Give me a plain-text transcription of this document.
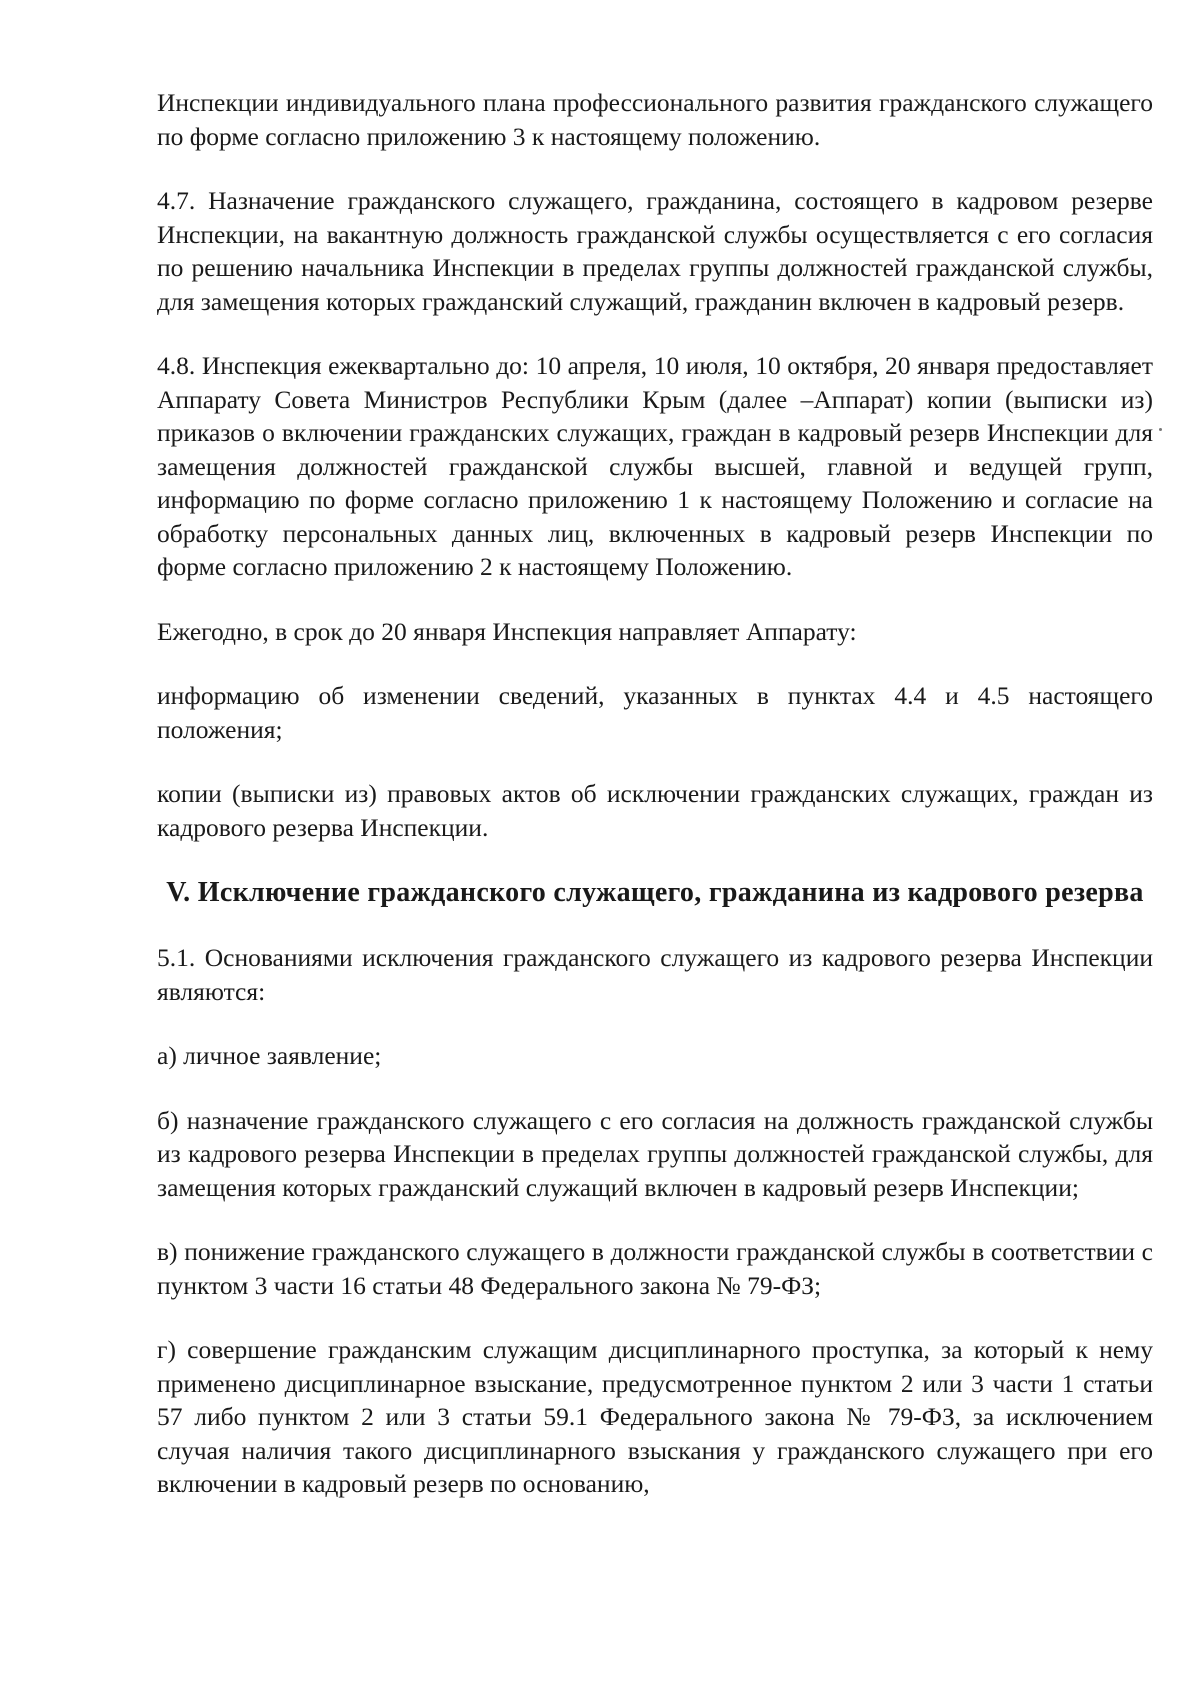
Инспекции индивидуального плана профессионального развития гражданского служащего по форме согласно приложению 3 к настоящему положению.

4.7. Назначение гражданского служащего, гражданина, состоящего в кадровом резерве Инспекции, на вакантную должность гражданской службы осуществляется с его согласия по решению начальника Инспекции в пределах группы должностей гражданской службы, для замещения которых гражданский служащий, гражданин включен в кадровый резерв.

4.8. Инспекция ежеквартально до: 10 апреля, 10 июля, 10 октября, 20 января предоставляет Аппарату Совета Министров Республики Крым (далее –Аппарат) копии (выписки из) приказов о включении гражданских служащих, граждан в кадровый резерв Инспекции для замещения должностей гражданской службы высшей, главной и ведущей групп, информацию по форме согласно приложению 1 к настоящему Положению и согласие на обработку персональных данных лиц, включенных в кадровый резерв Инспекции по форме согласно приложению 2 к настоящему Положению.

Ежегодно, в срок до 20 января Инспекция направляет Аппарату:

информацию об изменении сведений, указанных в пунктах 4.4 и 4.5 настоящего положения;

копии (выписки из) правовых актов об исключении гражданских служащих, граждан из кадрового резерва Инспекции.

V. Исключение гражданского служащего, гражданина из кадрового резерва

5.1. Основаниями исключения гражданского служащего из кадрового резерва Инспекции являются:

а) личное заявление;

б) назначение гражданского служащего с его согласия на должность гражданской службы из кадрового резерва Инспекции в пределах группы должностей гражданской службы, для замещения которых гражданский служащий включен в кадровый резерв Инспекции;

в) понижение гражданского служащего в должности гражданской службы в соответствии с пунктом 3 части 16 статьи 48 Федерального закона № 79-ФЗ;

г) совершение гражданским служащим дисциплинарного проступка, за который к нему применено дисциплинарное взыскание, предусмотренное пунктом 2 или 3 части 1 статьи 57 либо пунктом 2 или 3 статьи 59.1 Федерального закона № 79-ФЗ, за исключением случая наличия такого дисциплинарного взыскания у гражданского служащего при его включении в кадровый резерв по основанию,
